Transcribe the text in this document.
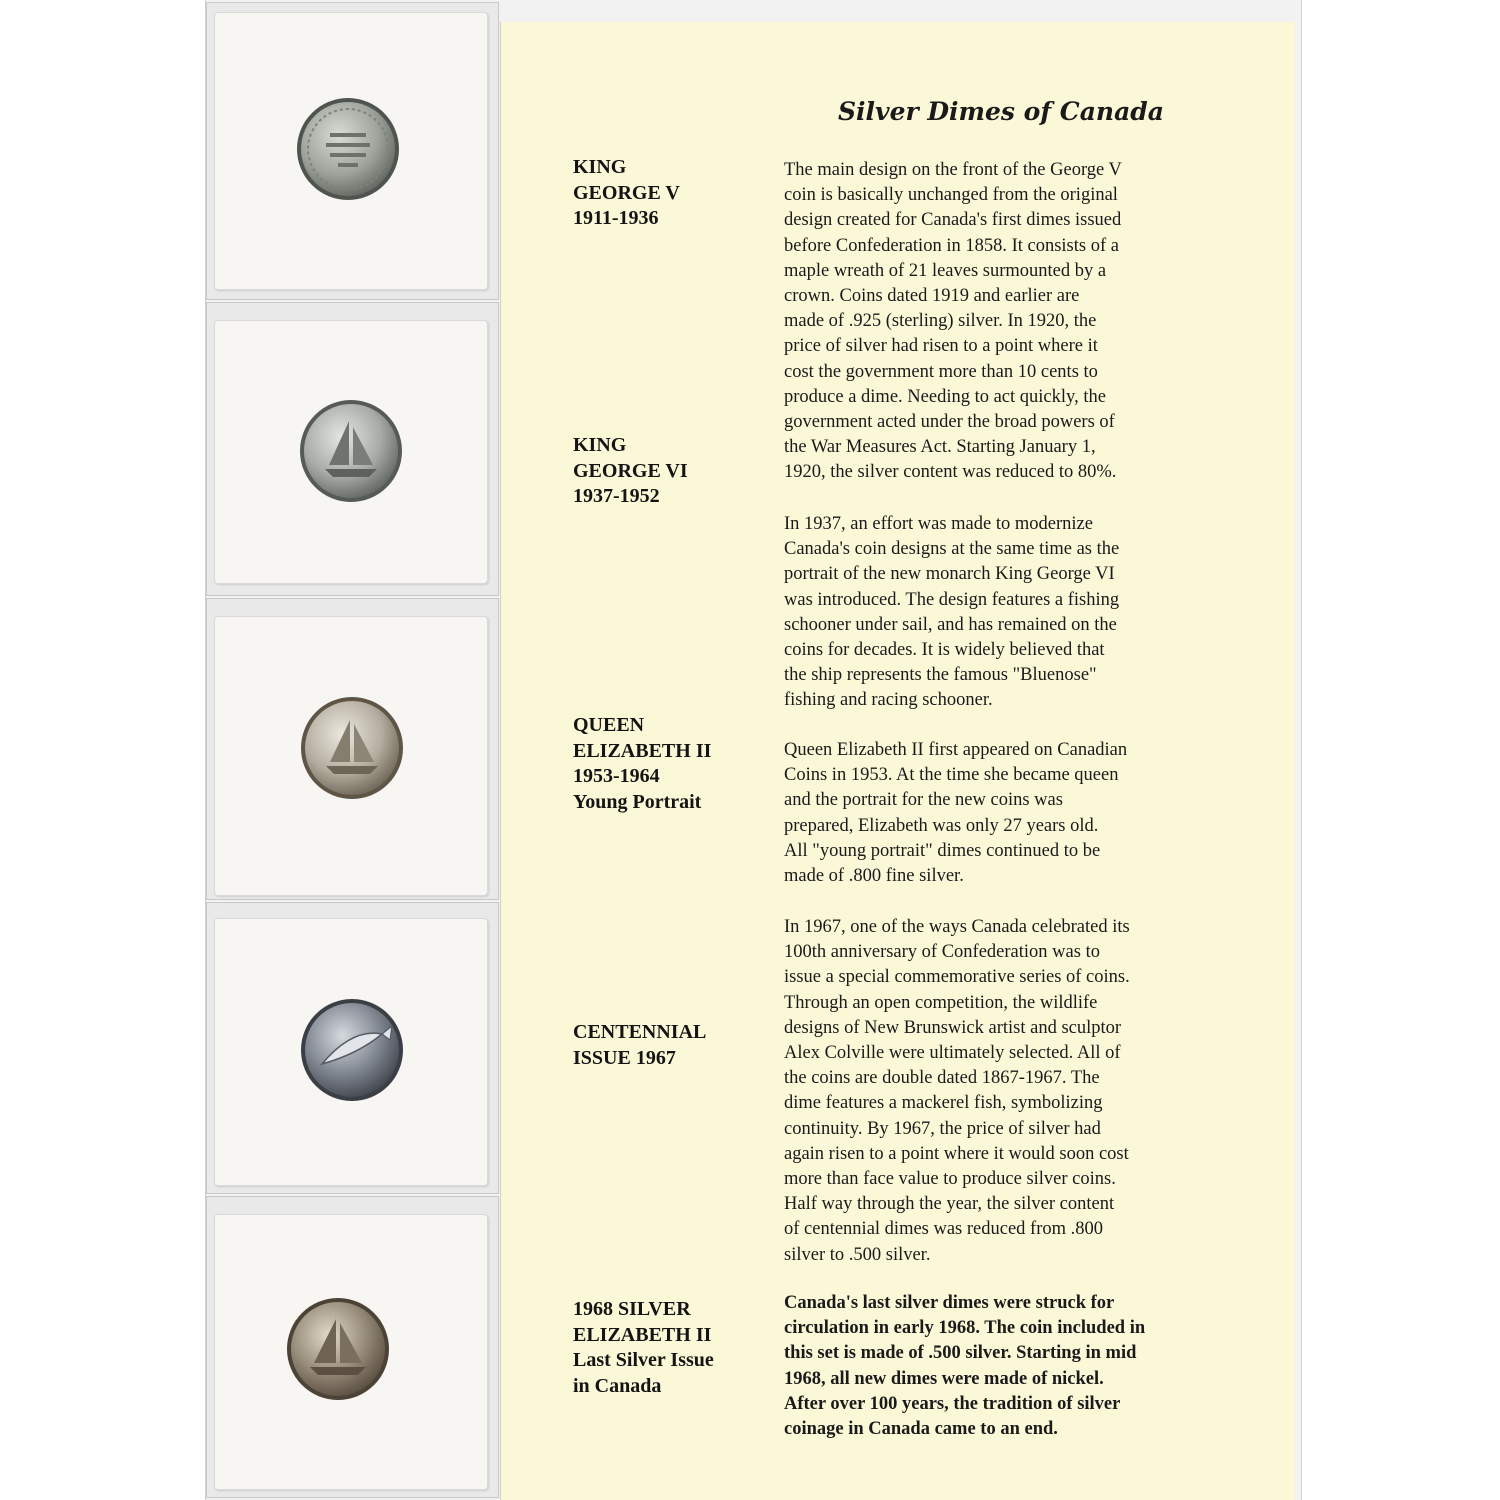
Silver Dimes of Canada
KING
GEORGE V
1911-1936
KING
GEORGE VI
1937-1952
QUEEN
ELIZABETH II
1953-1964
Young Portrait
CENTENNIAL
ISSUE 1967
1968 SILVER
ELIZABETH II
Last Silver Issue
in Canada
The main design on the front of the George V
coin is basically unchanged from the original
design created for Canada's first dimes issued
before Confederation in 1858. It consists of a
maple wreath of 21 leaves surmounted by a
crown. Coins dated 1919 and earlier are
made of .925 (sterling) silver. In 1920, the
price of silver had risen to a point where it
cost the government more than 10 cents to
produce a dime. Needing to act quickly, the
government acted under the broad powers of
the War Measures Act. Starting January 1,
1920, the silver content was reduced to 80%.
In 1937, an effort was made to modernize
Canada's coin designs at the same time as the
portrait of the new monarch King George VI
was introduced. The design features a fishing
schooner under sail, and has remained on the
coins for decades. It is widely believed that
the ship represents the famous "Bluenose"
fishing and racing schooner.
Queen Elizabeth II first appeared on Canadian
Coins in 1953. At the time she became queen
and the portrait for the new coins was
prepared, Elizabeth was only 27 years old.
All "young portrait" dimes continued to be
made of .800 fine silver.
In 1967, one of the ways Canada celebrated its
100th anniversary of Confederation was to
issue a special commemorative series of coins.
Through an open competition, the wildlife
designs of New Brunswick artist and sculptor
Alex Colville were ultimately selected. All of
the coins are double dated 1867-1967. The
dime features a mackerel fish, symbolizing
continuity. By 1967, the price of silver had
again risen to a point where it would soon cost
more than face value to produce silver coins.
Half way through the year, the silver content
of centennial dimes was reduced from .800
silver to .500 silver.
Canada's last silver dimes were struck for
circulation in early 1968. The coin included in
this set is made of .500 silver. Starting in mid
1968, all new dimes were made of nickel.
After over 100 years, the tradition of silver
coinage in Canada came to an end.
